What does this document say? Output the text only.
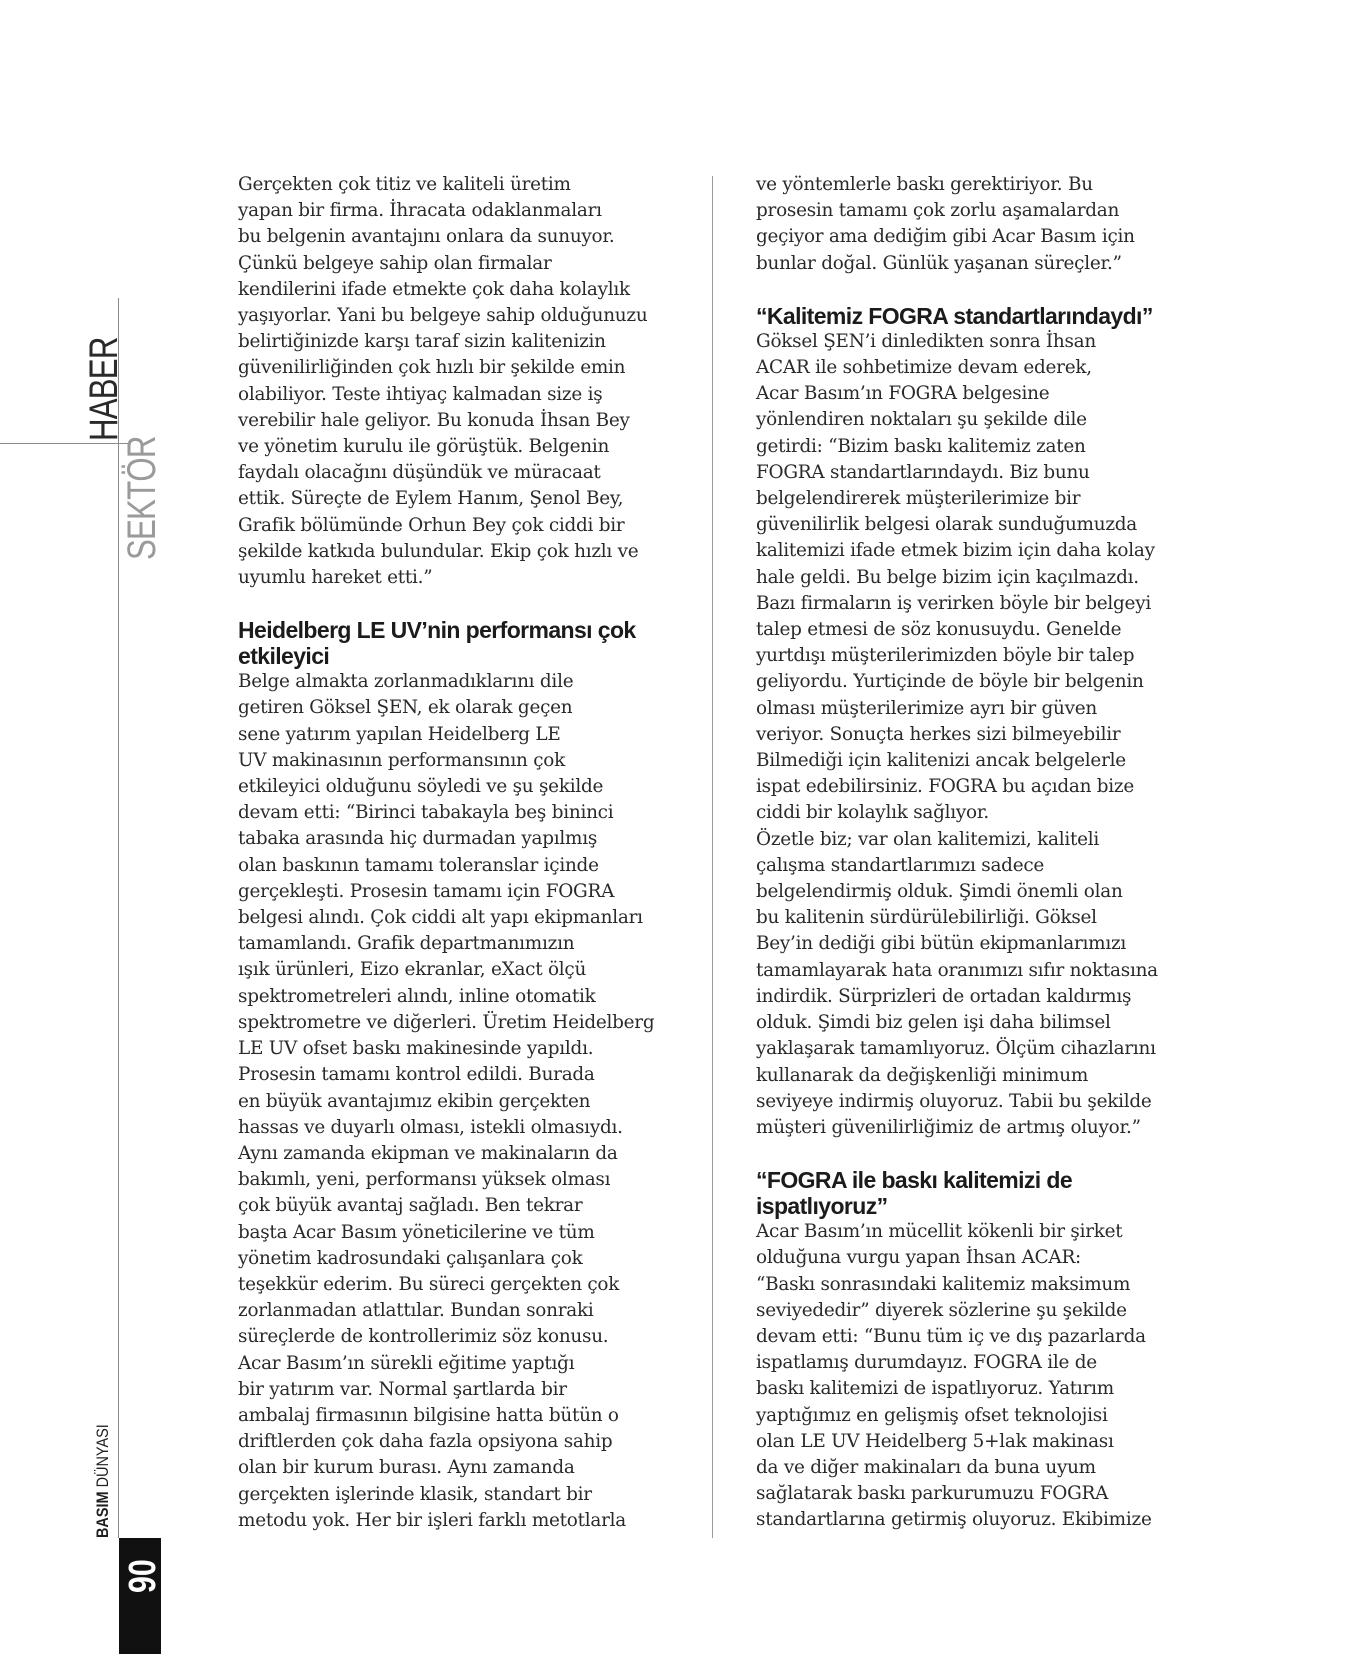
HABER
SEKTÖR
BASIM DÜNYASI
90

Gerçekten çok titiz ve kaliteli üretim
yapan bir firma. İhracata odaklanmaları
bu belgenin avantajını onlara da sunuyor.
Çünkü belgeye sahip olan firmalar
kendilerini ifade etmekte çok daha kolaylık
yaşıyorlar. Yani bu belgeye sahip olduğunuzu
belirtiğinizde karşı taraf sizin kalitenizin
güvenilirliğinden çok hızlı bir şekilde emin
olabiliyor. Teste ihtiyaç kalmadan size iş
verebilir hale geliyor. Bu konuda İhsan Bey
ve yönetim kurulu ile görüştük. Belgenin
faydalı olacağını düşündük ve müracaat
ettik. Süreçte de Eylem Hanım, Şenol Bey,
Grafik bölümünde Orhun Bey çok ciddi bir
şekilde katkıda bulundular. Ekip çok hızlı ve
uyumlu hareket etti.”

Heidelberg LE UV’nin performansı çok
etkileyici

Belge almakta zorlanmadıklarını dile
getiren Göksel ŞEN, ek olarak geçen
sene yatırım yapılan Heidelberg LE
UV makinasının performansının çok
etkileyici olduğunu söyledi ve şu şekilde
devam etti: “Birinci tabakayla beş bininci
tabaka arasında hiç durmadan yapılmış
olan baskının tamamı toleranslar içinde
gerçekleşti. Prosesin tamamı için FOGRA
belgesi alındı. Çok ciddi alt yapı ekipmanları
tamamlandı. Grafik departmanımızın
ışık ürünleri, Eizo ekranlar, eXact ölçü
spektrometreleri alındı, inline otomatik
spektrometre ve diğerleri. Üretim Heidelberg
LE UV ofset baskı makinesinde yapıldı.
Prosesin tamamı kontrol edildi. Burada
en büyük avantajımız ekibin gerçekten
hassas ve duyarlı olması, istekli olmasıydı.
Aynı zamanda ekipman ve makinaların da
bakımlı, yeni, performansı yüksek olması
çok büyük avantaj sağladı. Ben tekrar
başta Acar Basım yöneticilerine ve tüm
yönetim kadrosundaki çalışanlara çok
teşekkür ederim. Bu süreci gerçekten çok
zorlanmadan atlattılar. Bundan sonraki
süreçlerde de kontrollerimiz söz konusu.
Acar Basım’ın sürekli eğitime yaptığı
bir yatırım var. Normal şartlarda bir
ambalaj firmasının bilgisine hatta bütün o
driftlerden çok daha fazla opsiyona sahip
olan bir kurum burası. Aynı zamanda
gerçekten işlerinde klasik, standart bir
metodu yok. Her bir işleri farklı metotlarla

ve yöntemlerle baskı gerektiriyor. Bu
prosesin tamamı çok zorlu aşamalardan
geçiyor ama dediğim gibi Acar Basım için
bunlar doğal. Günlük yaşanan süreçler.”

“Kalitemiz FOGRA standartlarındaydı”

Göksel ŞEN’i dinledikten sonra İhsan
ACAR ile sohbetimize devam ederek,
Acar Basım’ın FOGRA belgesine
yönlendiren noktaları şu şekilde dile
getirdi: “Bizim baskı kalitemiz zaten
FOGRA standartlarındaydı. Biz bunu
belgelendirerek müşterilerimize bir
güvenilirlik belgesi olarak sunduğumuzda
kalitemizi ifade etmek bizim için daha kolay
hale geldi. Bu belge bizim için kaçılmazdı.
Bazı firmaların iş verirken böyle bir belgeyi
talep etmesi de söz konusuydu. Genelde
yurtdışı müşterilerimizden böyle bir talep
geliyordu. Yurtiçinde de böyle bir belgenin
olması müşterilerimize ayrı bir güven
veriyor. Sonuçta herkes sizi bilmeyebilir
Bilmediği için kalitenizi ancak belgelerle
ispat edebilirsiniz. FOGRA bu açıdan bize
ciddi bir kolaylık sağlıyor.
Özetle biz; var olan kalitemizi, kaliteli
çalışma standartlarımızı sadece
belgelendirmiş olduk. Şimdi önemli olan
bu kalitenin sürdürülebilirliği. Göksel
Bey’in dediği gibi bütün ekipmanlarımızı
tamamlayarak hata oranımızı sıfır noktasına
indirdik. Sürprizleri de ortadan kaldırmış
olduk. Şimdi biz gelen işi daha bilimsel
yaklaşarak tamamlıyoruz. Ölçüm cihazlarını
kullanarak da değişkenliği minimum
seviyeye indirmiş oluyoruz. Tabii bu şekilde
müşteri güvenilirliğimiz de artmış oluyor.”

“FOGRA ile baskı kalitemizi de
ispatlıyoruz”

Acar Basım’ın mücellit kökenli bir şirket
olduğuna vurgu yapan İhsan ACAR:
“Baskı sonrasındaki kalitemiz maksimum
seviyededir” diyerek sözlerine şu şekilde
devam etti: “Bunu tüm iç ve dış pazarlarda
ispatlamış durumdayız. FOGRA ile de
baskı kalitemizi de ispatlıyoruz. Yatırım
yaptığımız en gelişmiş ofset teknolojisi
olan LE UV Heidelberg 5+lak makinası
da ve diğer makinaları da buna uyum
sağlatarak baskı parkurumuzu FOGRA
standartlarına getirmiş oluyoruz. Ekibimize
